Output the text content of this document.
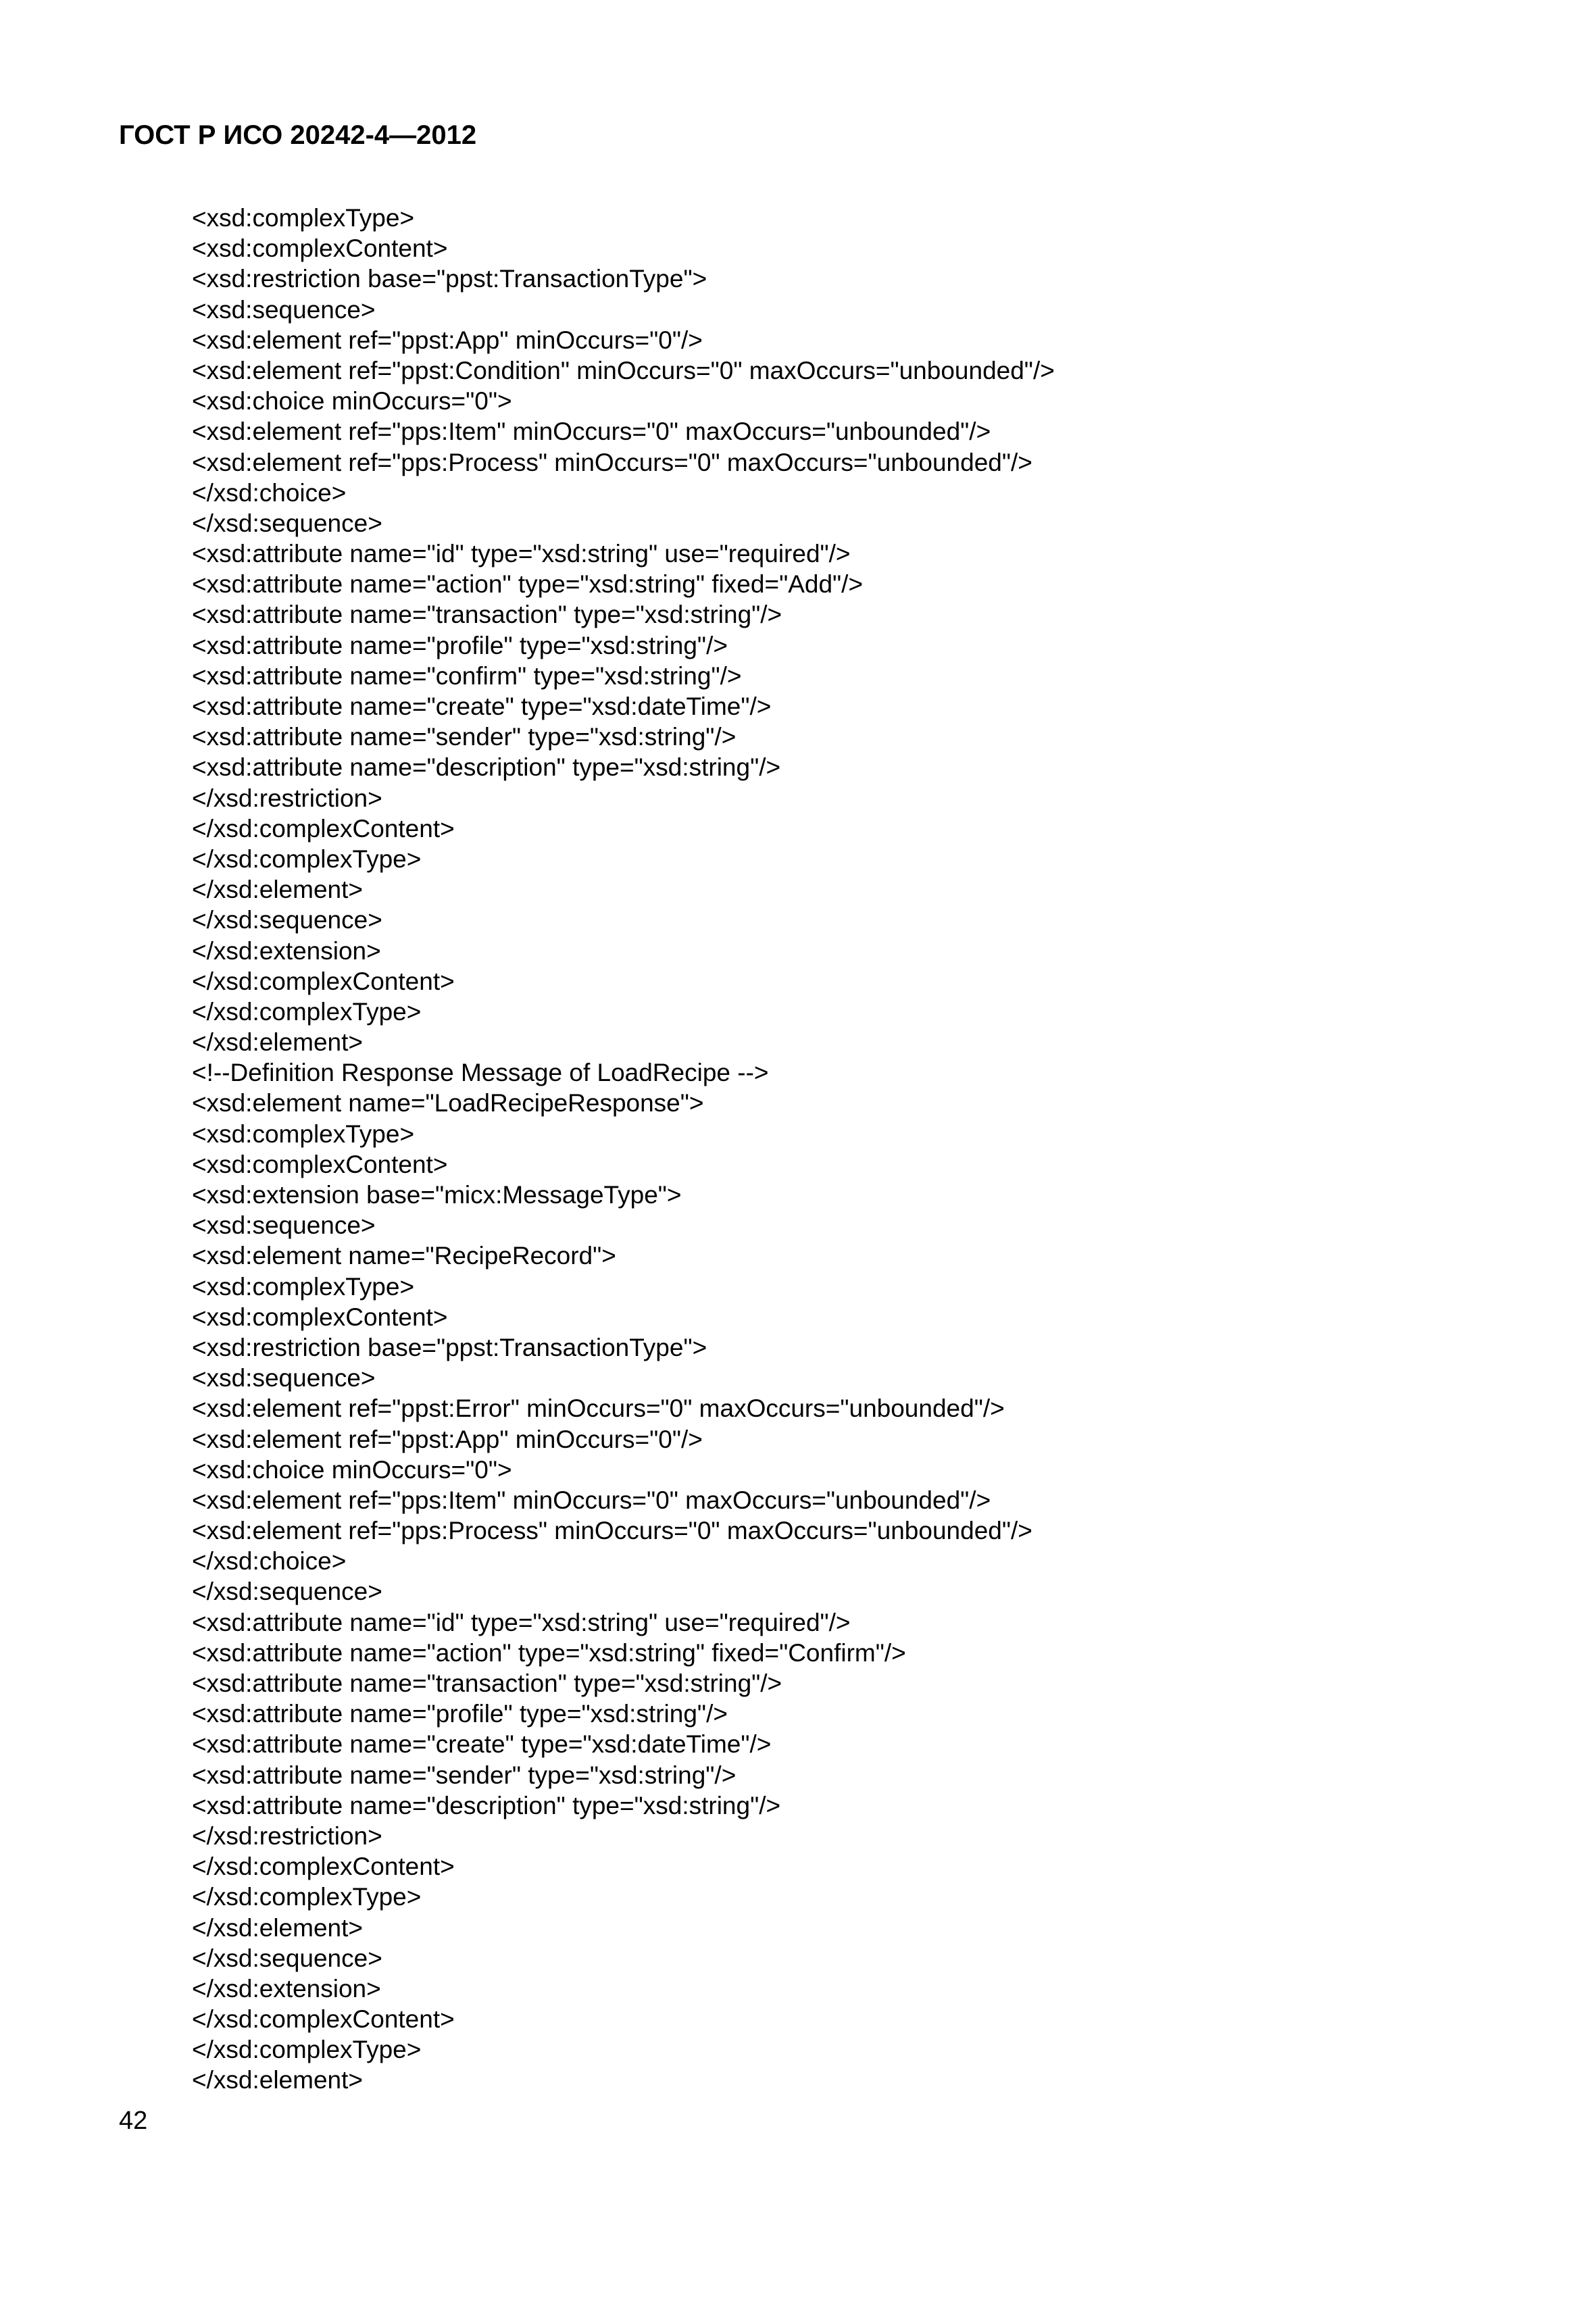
ГОСТ Р ИСО 20242-4—2012
<xsd:complexType>
<xsd:complexContent>
<xsd:restriction base="ppst:TransactionType">
<xsd:sequence>
<xsd:element ref="ppst:App" minOccurs="0"/>
<xsd:element ref="ppst:Condition" minOccurs="0" maxOccurs="unbounded"/>
<xsd:choice minOccurs="0">
<xsd:element ref="pps:Item" minOccurs="0" maxOccurs="unbounded"/>
<xsd:element ref="pps:Process" minOccurs="0" maxOccurs="unbounded"/>
</xsd:choice>
</xsd:sequence>
<xsd:attribute name="id" type="xsd:string" use="required"/>
<xsd:attribute name="action" type="xsd:string" fixed="Add"/>
<xsd:attribute name="transaction" type="xsd:string"/>
<xsd:attribute name="profile" type="xsd:string"/>
<xsd:attribute name="confirm" type="xsd:string"/>
<xsd:attribute name="create" type="xsd:dateTime"/>
<xsd:attribute name="sender" type="xsd:string"/>
<xsd:attribute name="description" type="xsd:string"/>
</xsd:restriction>
</xsd:complexContent>
</xsd:complexType>
</xsd:element>
</xsd:sequence>
</xsd:extension>
</xsd:complexContent>
</xsd:complexType>
</xsd:element>
<!--Definition Response Message of LoadRecipe -->
<xsd:element name="LoadRecipeResponse">
<xsd:complexType>
<xsd:complexContent>
<xsd:extension base="micx:MessageType">
<xsd:sequence>
<xsd:element name="RecipeRecord">
<xsd:complexType>
<xsd:complexContent>
<xsd:restriction base="ppst:TransactionType">
<xsd:sequence>
<xsd:element ref="ppst:Error" minOccurs="0" maxOccurs="unbounded"/>
<xsd:element ref="ppst:App" minOccurs="0"/>
<xsd:choice minOccurs="0">
<xsd:element ref="pps:Item" minOccurs="0" maxOccurs="unbounded"/>
<xsd:element ref="pps:Process" minOccurs="0" maxOccurs="unbounded"/>
</xsd:choice>
</xsd:sequence>
<xsd:attribute name="id" type="xsd:string" use="required"/>
<xsd:attribute name="action" type="xsd:string" fixed="Confirm"/>
<xsd:attribute name="transaction" type="xsd:string"/>
<xsd:attribute name="profile" type="xsd:string"/>
<xsd:attribute name="create" type="xsd:dateTime"/>
<xsd:attribute name="sender" type="xsd:string"/>
<xsd:attribute name="description" type="xsd:string"/>
</xsd:restriction>
</xsd:complexContent>
</xsd:complexType>
</xsd:element>
</xsd:sequence>
</xsd:extension>
</xsd:complexContent>
</xsd:complexType>
</xsd:element>
42
